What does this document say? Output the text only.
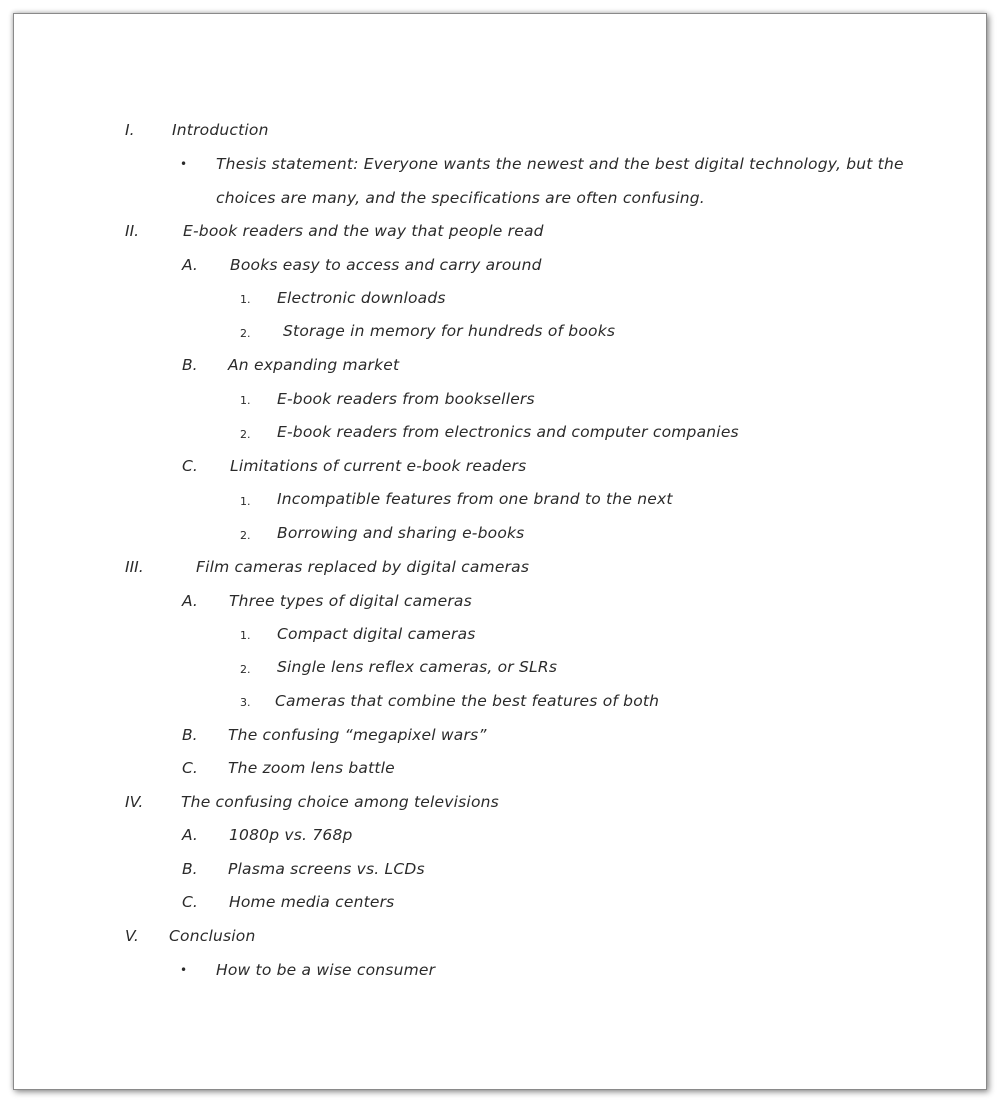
I. Introduction
• Thesis statement: Everyone wants the newest and the best digital technology, but the
choices are many, and the specifications are often confusing.
II.	E-book readers and the way that people read
A. Books easy to access and carry around
1. Electronic downloads
2. Storage in memory for hundreds of books
B. An expanding market
1. E-book readers from booksellers
2. E-book readers from electronics and computer companies
C. Limitations of current e-book readers
1. Incompatible features from one brand to the next
2. Borrowing and sharing e-books
III.	Film cameras replaced by digital cameras
A. Three types of digital cameras
1. Compact digital cameras
2. Single lens reflex cameras, or SLRs
3. Cameras that combine the best features of both
B. The confusing “megapixel wars”
C. The zoom lens battle
IV. The confusing choice among televisions
A. 1080p vs. 768p
B. Plasma screens vs. LCDs
C. Home media centers
V. Conclusion
• How to be a wise consumer
